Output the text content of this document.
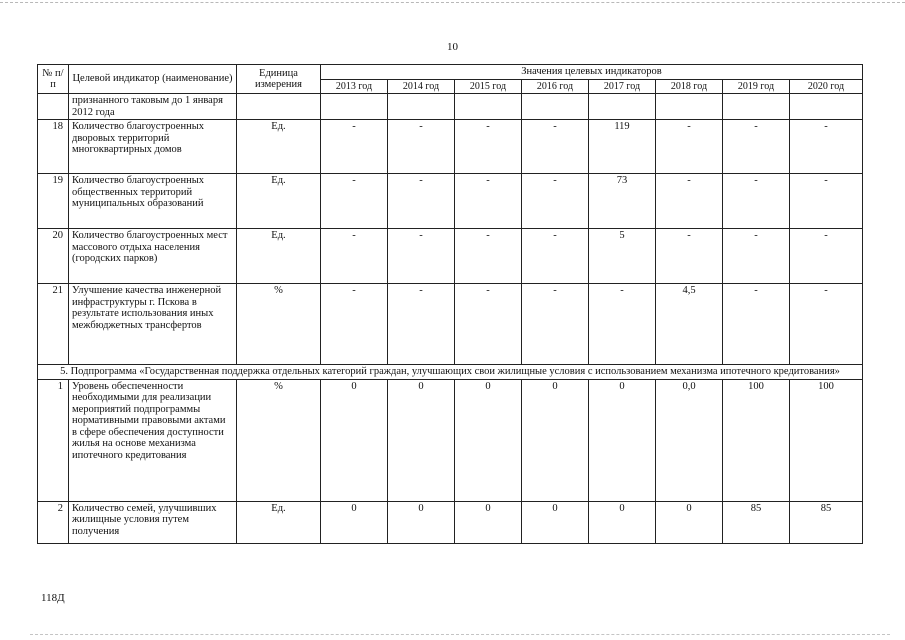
10
№ п/п	Целевой индикатор (наименование)	Единица измерения	Значения целевых индикаторов							
			2013 год	2014 год	2015 год	2016 год	2017 год	2018 год	2019 год	2020 год
	признанного таковым до 1 января 2012 года									
18	Количество благоустроенных дворовых территорий многоквартирных домов	Ед.	-	-	-	-	119	-	-	-
19	Количество благоустроенных общественных территорий муниципальных образований	Ед.	-	-	-	-	73	-	-	-
20	Количество благоустроенных мест массового отдыха населения (городских парков)	Ед.	-	-	-	-	5	-	-	-
21	Улучшение качества инженерной инфраструктуры г. Пскова в результате использования иных межбюджетных трансфертов	%	-	-	-	-	-	4,5	-	-
5. Подпрограмма «Государственная поддержка отдельных категорий граждан, улучшающих свои жилищные условия с использованием механизма ипотечного кредитования»										
1	Уровень обеспеченности необходимыми для реализации мероприятий подпрограммы нормативными правовыми актами в сфере обеспечения доступности жилья на основе механизма ипотечного кредитования	%	0	0	0	0	0	0,0	100	100
2	Количество семей, улучшивших жилищные условия путем получения	Ед.	0	0	0	0	0	0	85	85
118Д
